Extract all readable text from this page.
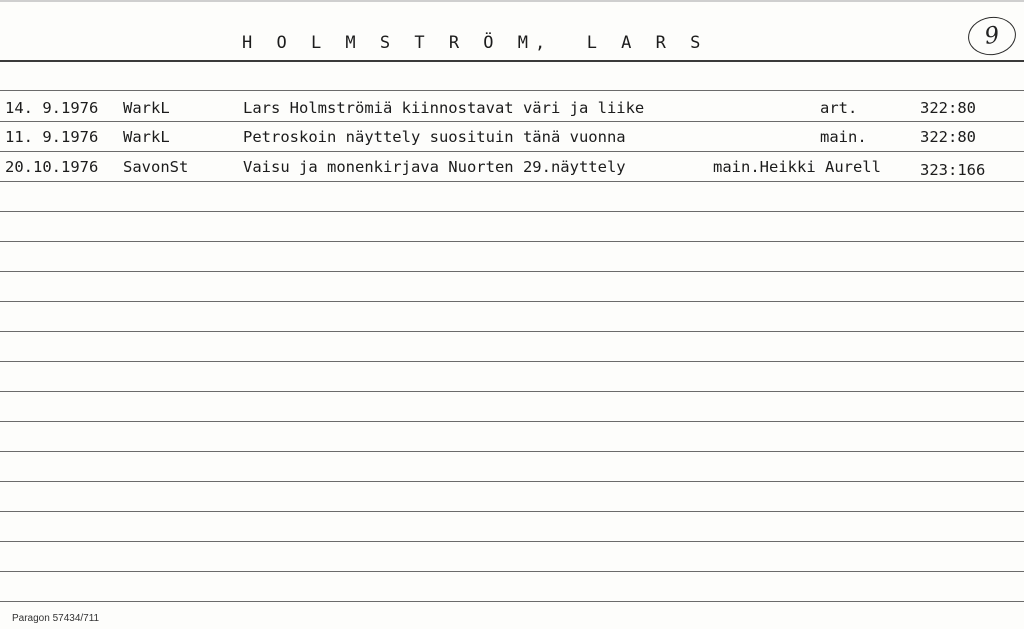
H O L M S T R Ö M,  L A R S	9
14. 9.1976 WarkL	Lars Holmströmiä kiinnostavat väri ja liike	art.	322:80
11. 9.1976 WarkL	Petroskoin näyttely suosituin tänä vuonna	main.	322:80
20.10.1976 SavonSt	Vaisu ja monenkirjava Nuorten 29.näyttely	main.Heikki Aurell	323:166
Paragon 57434/711
